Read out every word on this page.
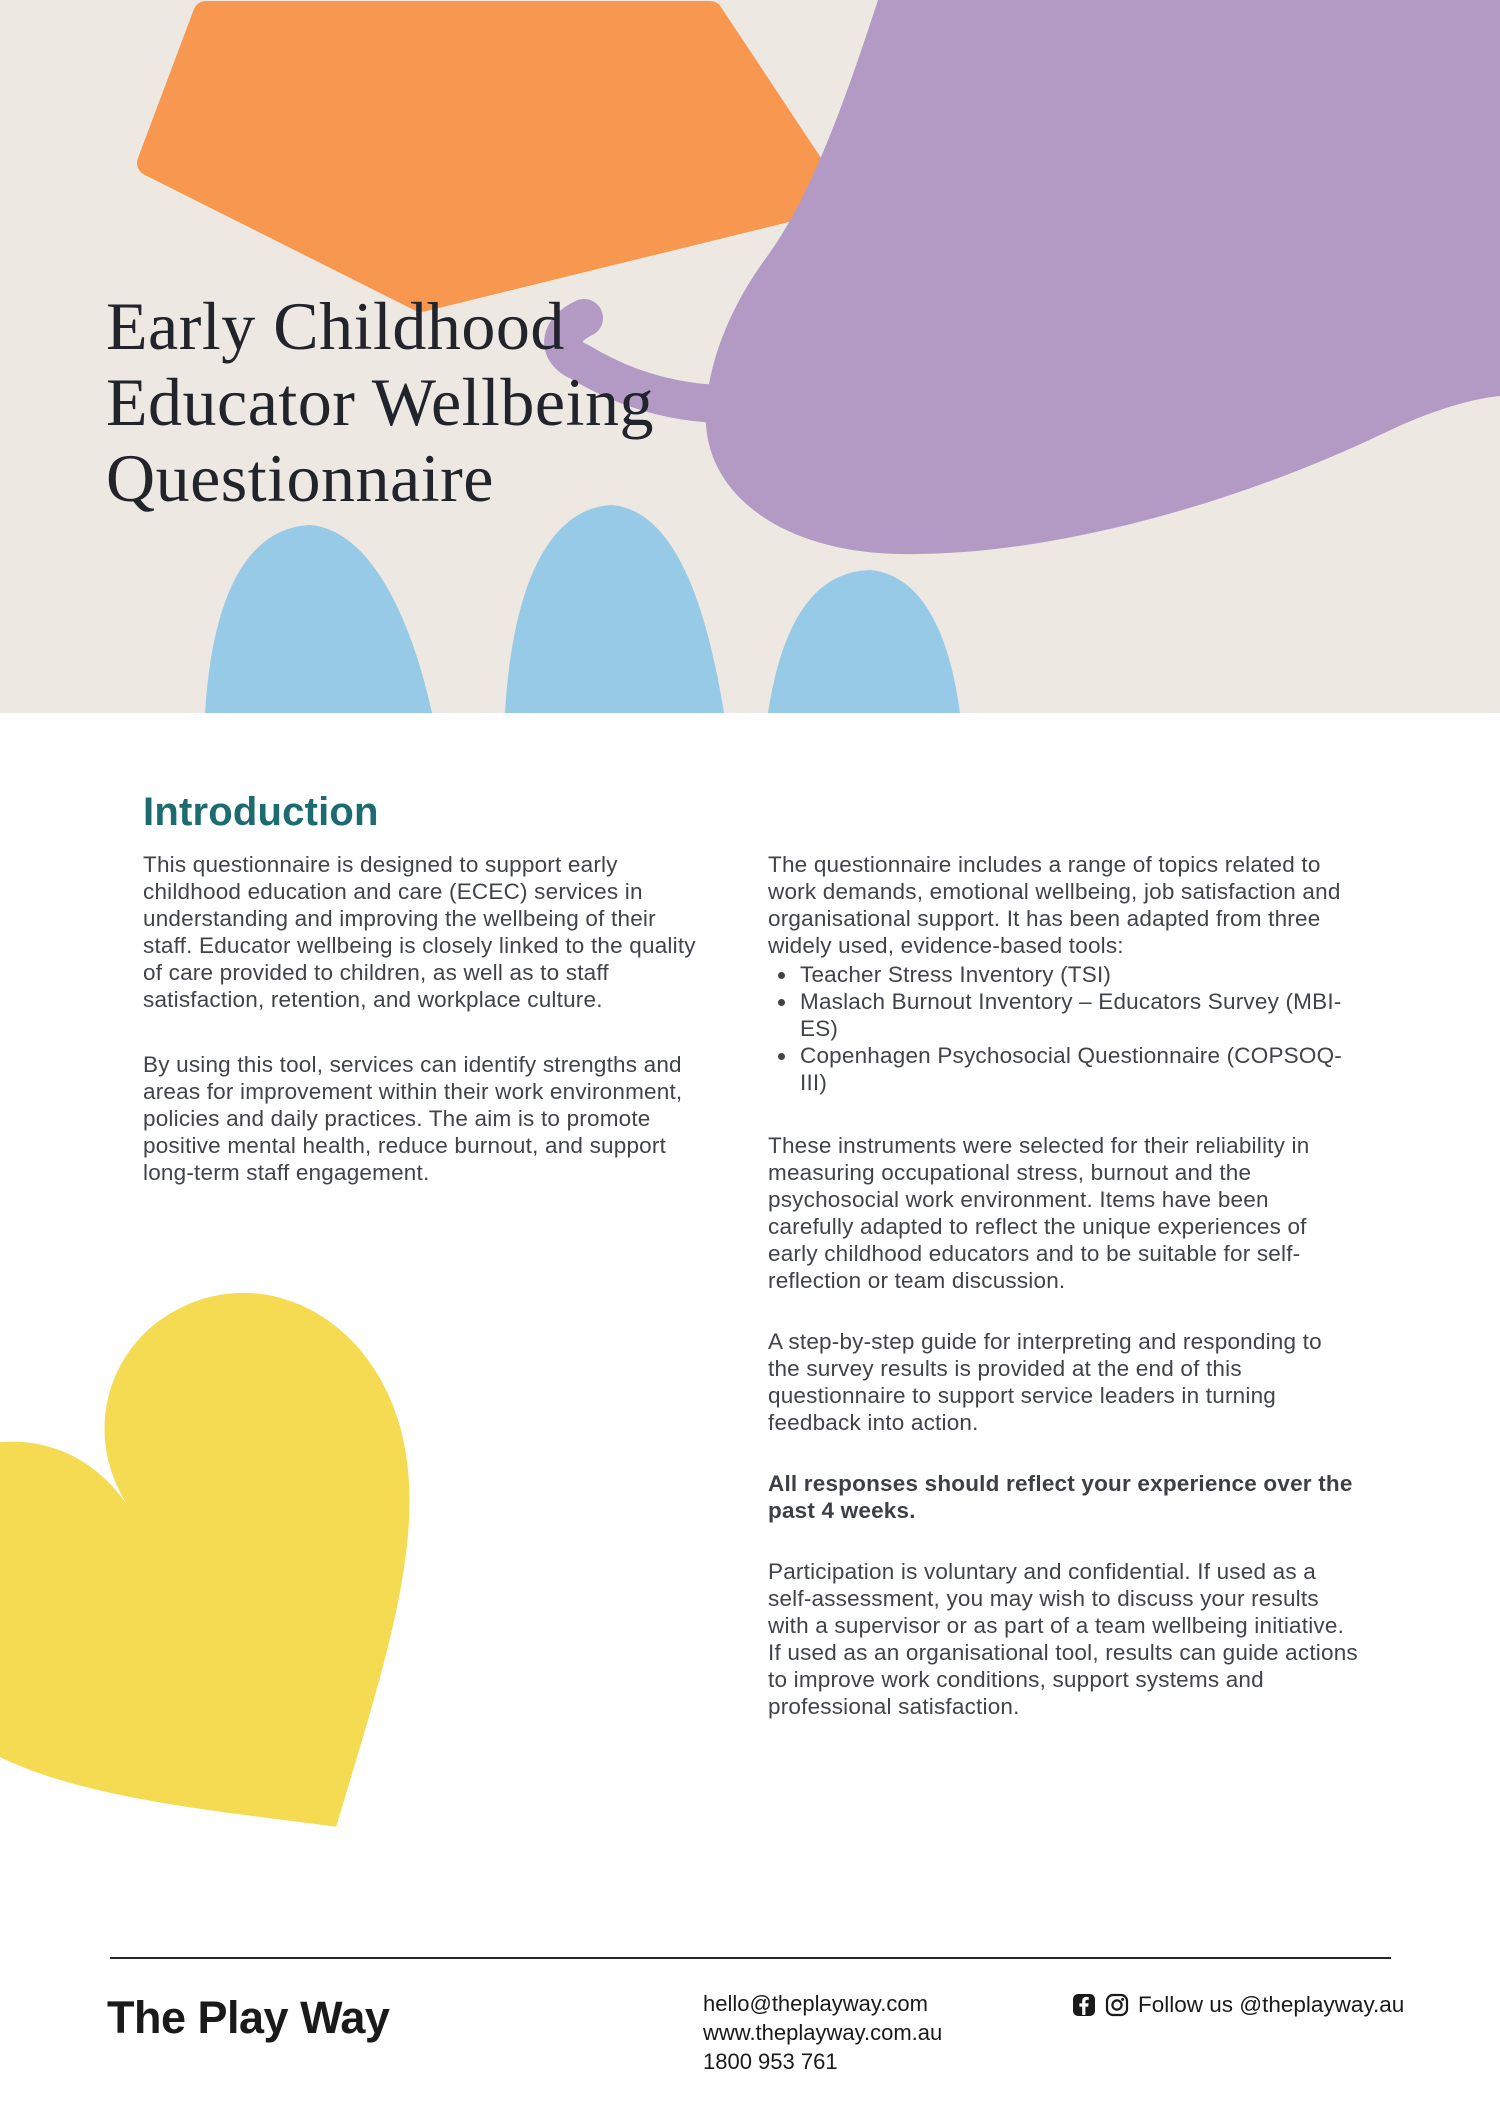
Early Childhood
Educator Wellbeing
Questionnaire
Introduction

This questionnaire is designed to support early childhood education and care (ECEC) services in understanding and improving the wellbeing of their staff. Educator wellbeing is closely linked to the quality of care provided to children, as well as to staff satisfaction, retention, and workplace culture.

By using this tool, services can identify strengths and areas for improvement within their work environment, policies and daily practices. The aim is to promote positive mental health, reduce burnout, and support long-term staff engagement.

The questionnaire includes a range of topics related to work demands, emotional wellbeing, job satisfaction and organisational support. It has been adapted from three widely used, evidence-based tools:

• Teacher Stress Inventory (TSI)
• Maslach Burnout Inventory – Educators Survey (MBI-ES)
• Copenhagen Psychosocial Questionnaire (COPSOQ-III)

These instruments were selected for their reliability in measuring occupational stress, burnout and the psychosocial work environment. Items have been carefully adapted to reflect the unique experiences of early childhood educators and to be suitable for self-reflection or team discussion.

A step-by-step guide for interpreting and responding to the survey results is provided at the end of this questionnaire to support service leaders in turning feedback into action.

All responses should reflect your experience over the past 4 weeks.

Participation is voluntary and confidential. If used as a self-assessment, you may wish to discuss your results with a supervisor or as part of a team wellbeing initiative. If used as an organisational tool, results can guide actions to improve work conditions, support systems and professional satisfaction.

The Play Way	hello@theplayway.com
www.theplayway.com.au
1800 953 761
Follow us @theplayway.au
